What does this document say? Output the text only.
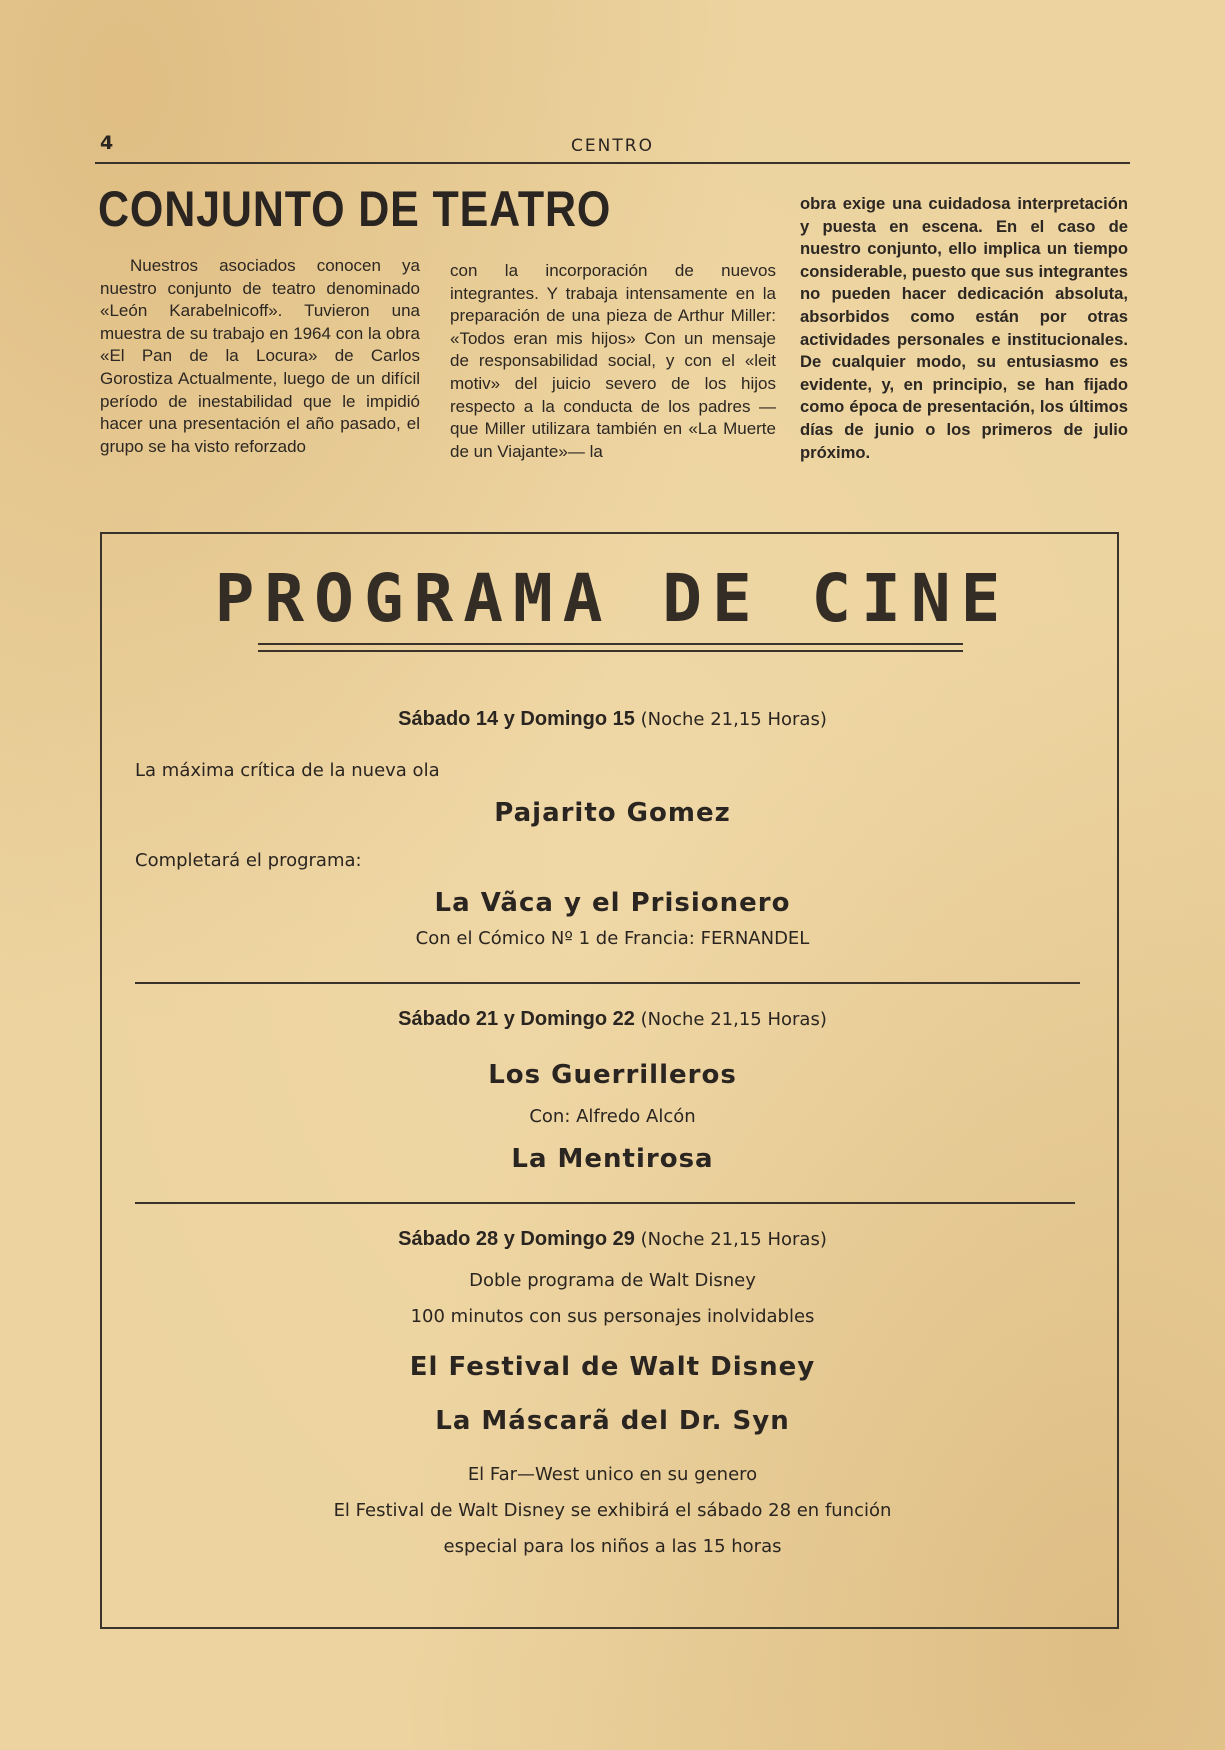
4	CENTRO
CONJUNTO DE TEATRO

Nuestros asociados conocen ya nuestro conjunto de teatro denominado «León Karabelnicoff». Tuvieron una muestra de su trabajo en 1964 con la obra «El Pan de la Locura» de Carlos Gorostiza Actualmente, luego de un difícil período de inestabilidad que le impidió hacer una presentación el año pasado, el grupo se ha visto reforzado

con la incorporación de nuevos integrantes. Y trabaja intensamente en la preparación de una pieza de Arthur Miller: «Todos eran mis hijos» Con un mensaje de responsabilidad social, y con el «leit motiv» del juicio severo de los hijos respecto a la conducta de los padres —que Miller utilizara también en «La Muerte de un Viajante»— la

obra exige una cuidadosa interpretación y puesta en escena. En el caso de nuestro conjunto, ello implica un tiempo considerable, puesto que sus integrantes no pueden hacer dedicación absoluta, absorbidos como están por otras actividades personales e institucionales. De cualquier modo, su entusiasmo es evidente, y, en principio, se han fijado como época de presentación, los últimos días de junio o los primeros de julio próximo.

PROGRAMA DE CINE
Sábado 14 y Domingo 15 (Noche 21,15 Horas)
La máxima crítica de la nueva ola
Pajarito Gomez
Completará el programa:
La Vãca y el Prisionero
Con el Cómico Nº 1 de Francia: FERNANDEL
Sábado 21 y Domingo 22 (Noche 21,15 Horas)
Los Guerrilleros
Con: Alfredo Alcón
La Mentirosa
Sábado 28 y Domingo 29 (Noche 21,15 Horas)
Doble programa de Walt Disney
100 minutos con sus personajes inolvidables
El Festival de Walt Disney
La Máscarã del Dr. Syn
El Far—West unico en su genero
El Festival de Walt Disney se exhibirá el sábado 28 en función
especial para los niños a las 15 horas
